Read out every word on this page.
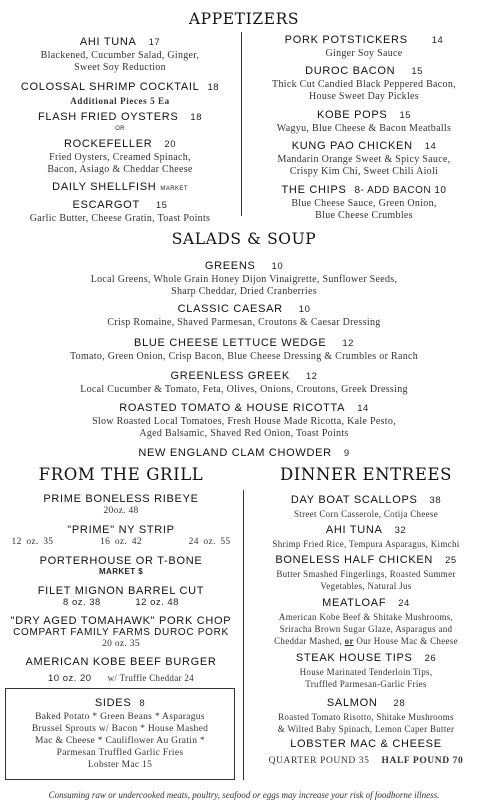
APPETIZERS
AHI TUNA 17
Blackened, Cucumber Salad, Ginger,
Sweet Soy Reduction
COLOSSAL SHRIMP COCKTAIL 18
Additional Pieces 5 Ea
FLASH FRIED OYSTERS 18
OR
ROCKEFELLER 20
Fried Oysters, Creamed Spinach,
Bacon, Asiago & Cheddar Cheese
DAILY SHELLFISH MARKET
ESCARGOT 15
Garlic Butter, Cheese Gratin, Toast Points
PORK POTSTICKERS	14
Ginger Soy Sauce
DUROC BACON 15
Thick Cut Candied Black Peppered Bacon,
House Sweet Day Pickles
KOBE POPS 15
Wagyu, Blue Cheese & Bacon Meatballs
KUNG PAO CHICKEN 14
Mandarin Orange Sweet & Spicy Sauce,
Crispy Kim Chi, Sweet Chili Aioli
THE CHIPS 8- ADD BACON 10
Blue Cheese Sauce, Green Onion,
Blue Cheese Crumbles
SALADS & SOUP
GREENS 10
Local Greens, Whole Grain Honey Dijon Vinaigrette, Sunflower Seeds,
Sharp Cheddar, Dried Cranberries
CLASSIC CAESAR 10
Crisp Romaine, Shaved Parmesan, Croutons & Caesar Dressing
BLUE CHEESE LETTUCE WEDGE 12
Tomato, Green Onion, Crisp Bacon, Blue Cheese Dressing & Crumbles or Ranch
GREENLESS GREEK 12
Local Cucumber & Tomato, Feta, Olives, Onions, Croutons, Greek Dressing
ROASTED TOMATO & HOUSE RICOTTA 14
Slow Roasted Local Tomatoes, Fresh House Made Ricotta, Kale Pesto,
Aged Balsamic, Shaved Red Onion, Toast Points
NEW ENGLAND CLAM CHOWDER 9
FROM THE GRILL
PRIME BONELESS RIBEYE
20oz. 48
"PRIME" NY STRIP
12 oz. 35	16 oz. 42	24 oz. 55
PORTERHOUSE OR T-BONE
MARKET $
FILET MIGNON BARREL CUT
8 oz. 38	12 oz. 48
"DRY AGED TOMAHAWK" PORK CHOP
COMPART FAMILY FARMS DUROC PORK
20 oz. 35
AMERICAN KOBE BEEF BURGER
10 oz. 20 w/ Truffle Cheddar 24
SIDES 8
Baked Potato * Green Beans * Asparagus
Brussel Sprouts w/ Bacon * House Mashed
Mac & Cheese * Cauliflower Au Gratin *
Parmesan Truffled Garlic Fries
Lobster Mac 15
DINNER ENTREES
DAY BOAT SCALLOPS 38
Street Corn Casserole, Cotija Cheese
AHI TUNA 32
Shrimp Fried Rice, Tempura Asparagus, Kimchi
BONELESS HALF CHICKEN 25
Butter Smashed Fingerlings, Roasted Summer
Vegetables, Natural Jus
MEATLOAF 24
American Kobe Beef & Shitake Mushrooms,
Sriracha Brown Sugar Glaze, Asparagus and
Cheddar Mashed, or Our House Mac & Cheese
STEAK HOUSE TIPS 26
House Marinated Tenderloin Tips,
Truffled Parmesan-Garlic Fries
SALMON 28
Roasted Tomato Risotto, Shitake Mushrooms
& Wilted Baby Spinach, Lemon Caper Butter
LOBSTER MAC & CHEESE
QUARTER POUND 35 HALF POUND 70
Consuming raw or undercooked meats, poultry, seafood or eggs may increase your risk of foodborne illness.
